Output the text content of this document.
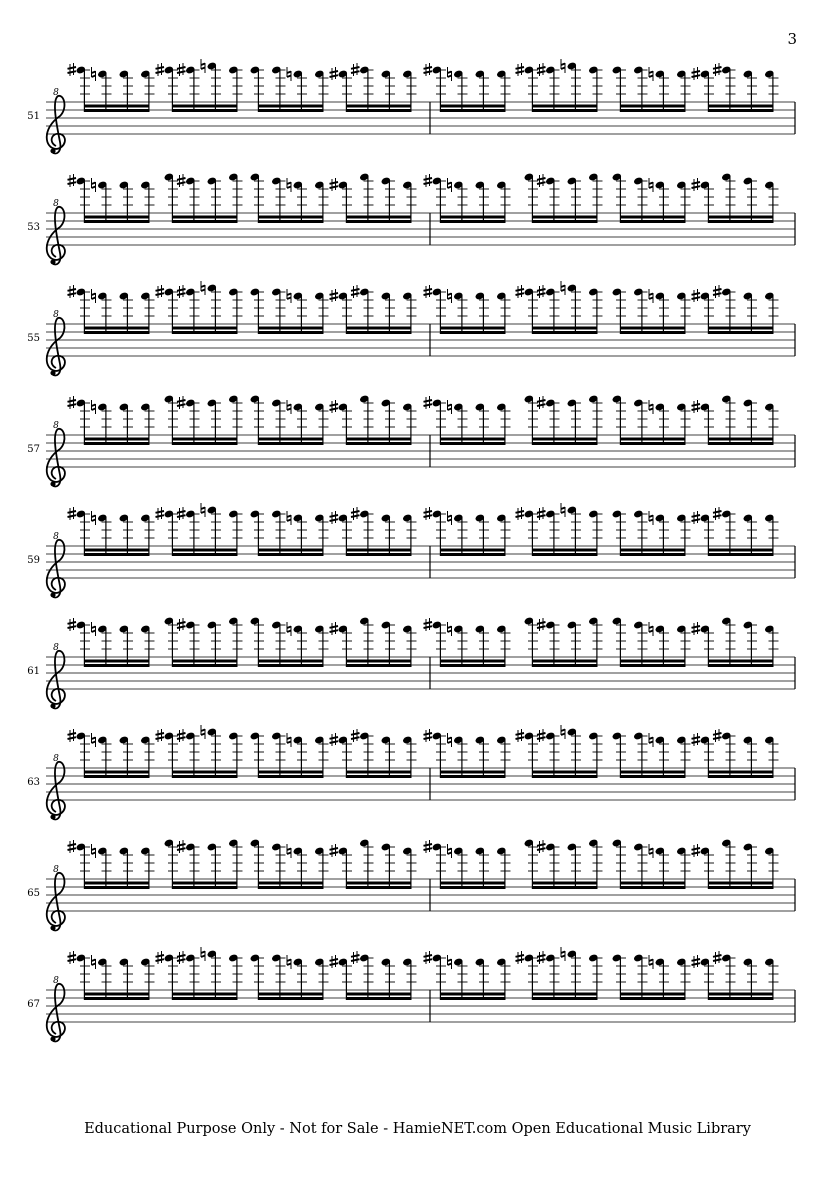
3
51
8
53
8
55
8
57
8
59
8
61
8
63
8
65
8
67
8
Educational Purpose Only - Not for Sale - HamieNET.com Open Educational Music Library
